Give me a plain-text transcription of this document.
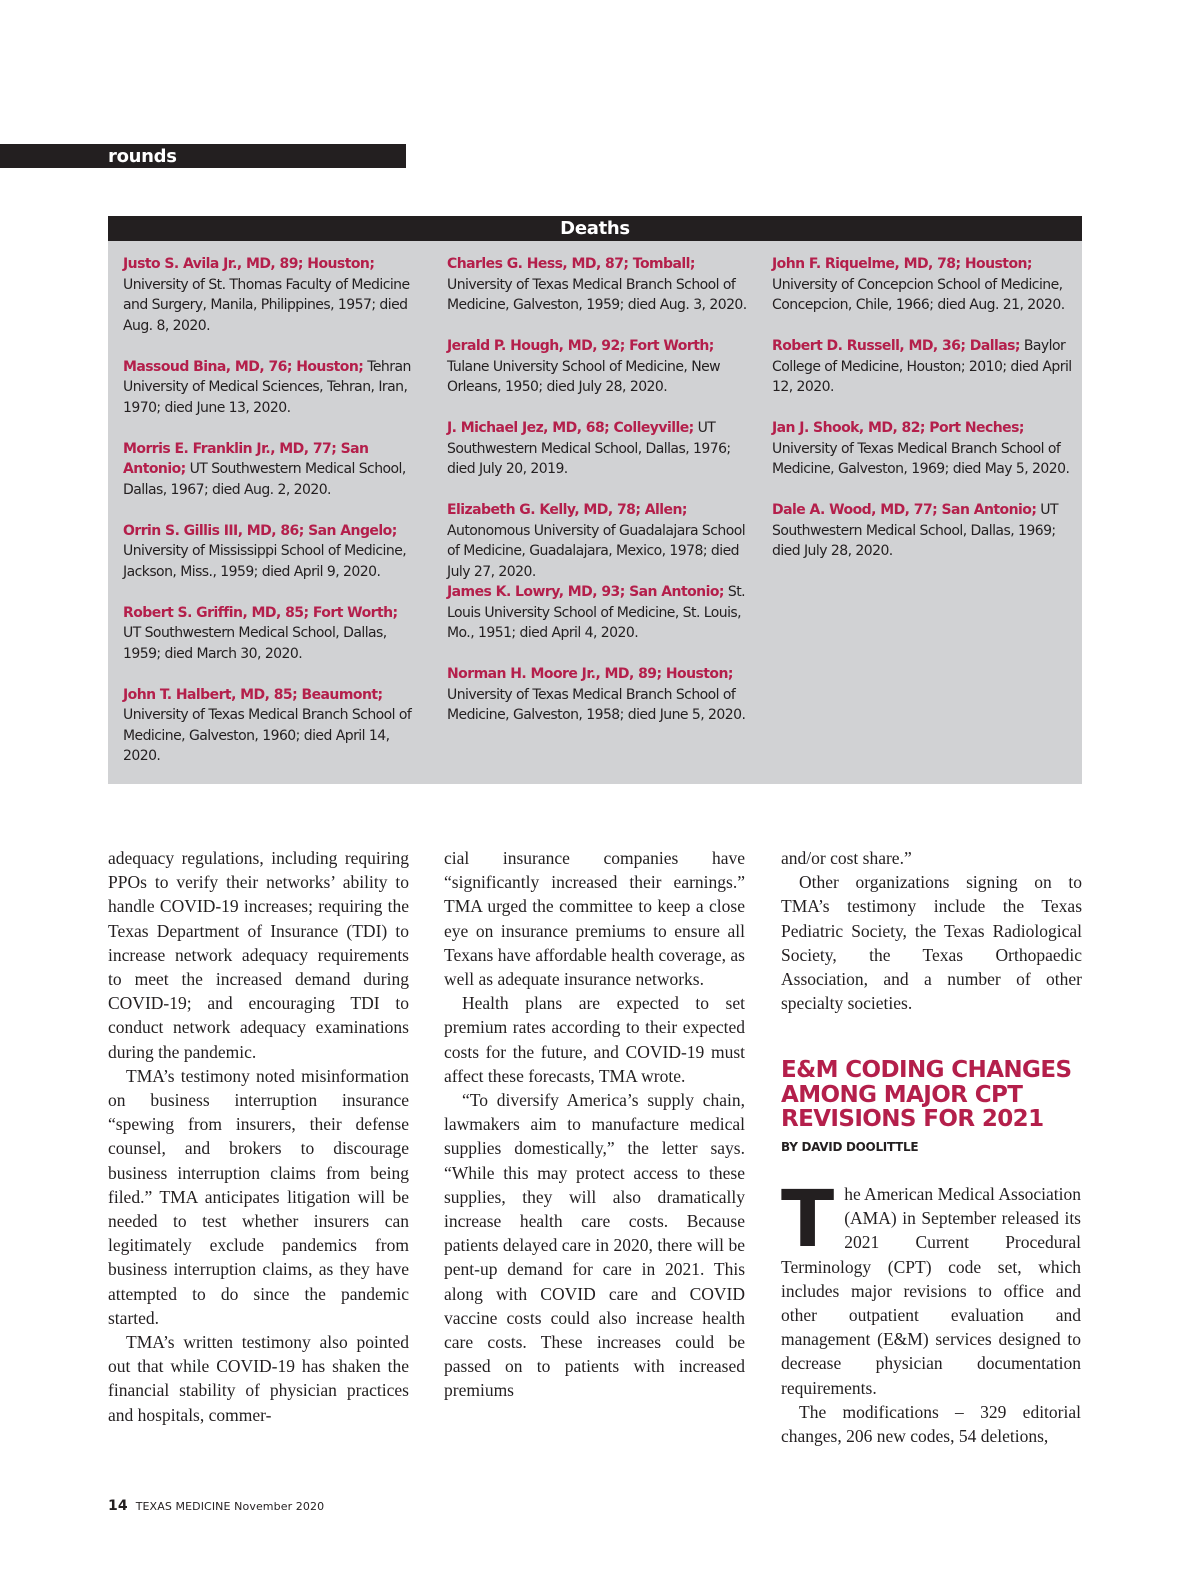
rounds
Deaths

Justo S. Avila Jr., MD, 89; Houston; University of St. Thomas Faculty of Medicine and Surgery, Manila, Philippines, 1957; died Aug. 8, 2020.

Massoud Bina, MD, 76; Houston; Tehran University of Medical Sciences, Tehran, Iran, 1970; died June 13, 2020.

Morris E. Franklin Jr., MD, 77; San Antonio; UT Southwestern Medical School, Dallas, 1967; died Aug. 2, 2020.

Orrin S. Gillis III, MD, 86; San Angelo; University of Mississippi School of Medicine, Jackson, Miss., 1959; died April 9, 2020.

Robert S. Griffin, MD, 85; Fort Worth;
UT Southwestern Medical School, Dallas, 1959; died March 30, 2020.

John T. Halbert, MD, 85; Beaumont; University of Texas Medical Branch School of Medicine, Galveston, 1960; died April 14, 2020.

Charles G. Hess, MD, 87; Tomball; University of Texas Medical Branch School of Medicine, Galveston, 1959; died Aug. 3, 2020.

Jerald P. Hough, MD, 92; Fort Worth; Tulane University School of Medicine, New Orleans, 1950; died July 28, 2020.

J. Michael Jez, MD, 68; Colleyville; UT Southwestern Medical School, Dallas, 1976; died July 20, 2019.

Elizabeth G. Kelly, MD, 78; Allen; Autonomous University of Guadalajara School of Medicine, Guadalajara, Mexico, 1978; died July 27, 2020.

James K. Lowry, MD, 93; San Antonio; St. Louis University School of Medicine, St. Louis, Mo., 1951; died April 4, 2020.

Norman H. Moore Jr., MD, 89; Houston;
University of Texas Medical Branch School of Medicine, Galveston, 1958; died June 5, 2020.

John F. Riquelme, MD, 78; Houston; University of Concepcion School of Medicine, Concepcion, Chile, 1966; died Aug. 21, 2020.

Robert D. Russell, MD, 36; Dallas; Baylor College of Medicine, Houston; 2010; died April 12, 2020.

Jan J. Shook, MD, 82; Port Neches; University of Texas Medical Branch School of Medicine, Galveston, 1969; died May 5, 2020.

Dale A. Wood, MD, 77; San Antonio; UT Southwestern Medical School, Dallas, 1969; died July 28, 2020.

adequacy regulations, including requiring PPOs to verify their networks’ ability to handle COVID-19 increases; requiring the Texas Department of Insurance (TDI) to increase network adequacy requirements to meet the increased demand during COVID-19; and encouraging TDI to conduct network adequacy examinations during the pandemic.

TMA’s testimony noted misinformation on business interruption insurance “spewing from insurers, their defense counsel, and brokers to discourage business interruption claims from being filed.” TMA anticipates litigation will be needed to test whether insurers can legitimately exclude pandemics from business interruption claims, as they have attempted to do since the pandemic started.

TMA’s written testimony also pointed out that while COVID-19 has shaken the financial stability of physician practices and hospitals, commer-

cial insurance companies have “significantly increased their earnings.” TMA urged the committee to keep a close eye on insurance premiums to ensure all Texans have affordable health coverage, as well as adequate insurance networks.

Health plans are expected to set premium rates according to their expected costs for the future, and COVID-19 must affect these forecasts, TMA wrote.

“To diversify America’s supply chain, lawmakers aim to manufacture medical supplies domestically,” the letter says. “While this may protect access to these supplies, they will also dramatically increase health care costs. Because patients delayed care in 2020, there will be pent-up demand for care in 2021. This along with COVID care and COVID vaccine costs could also increase health care costs. These increases could be passed on to patients with increased premiums

and/or cost share.”

Other organizations signing on to TMA’s testimony include the Texas Pediatric Society, the Texas Radiological Society, the Texas Orthopaedic Association, and a number of other specialty societies.

E&M CODING CHANGES AMONG MAJOR CPT REVISIONS FOR 2021
BY DAVID DOOLITTLE

The American Medical Association (AMA) in September released its 2021 Current Procedural Terminology (CPT) code set, which includes major revisions to office and other outpatient evaluation and management (E&M) services designed to decrease physician documentation requirements.

The modifications – 329 editorial changes, 206 new codes, 54 deletions,

14 TEXAS MEDICINE November 2020
